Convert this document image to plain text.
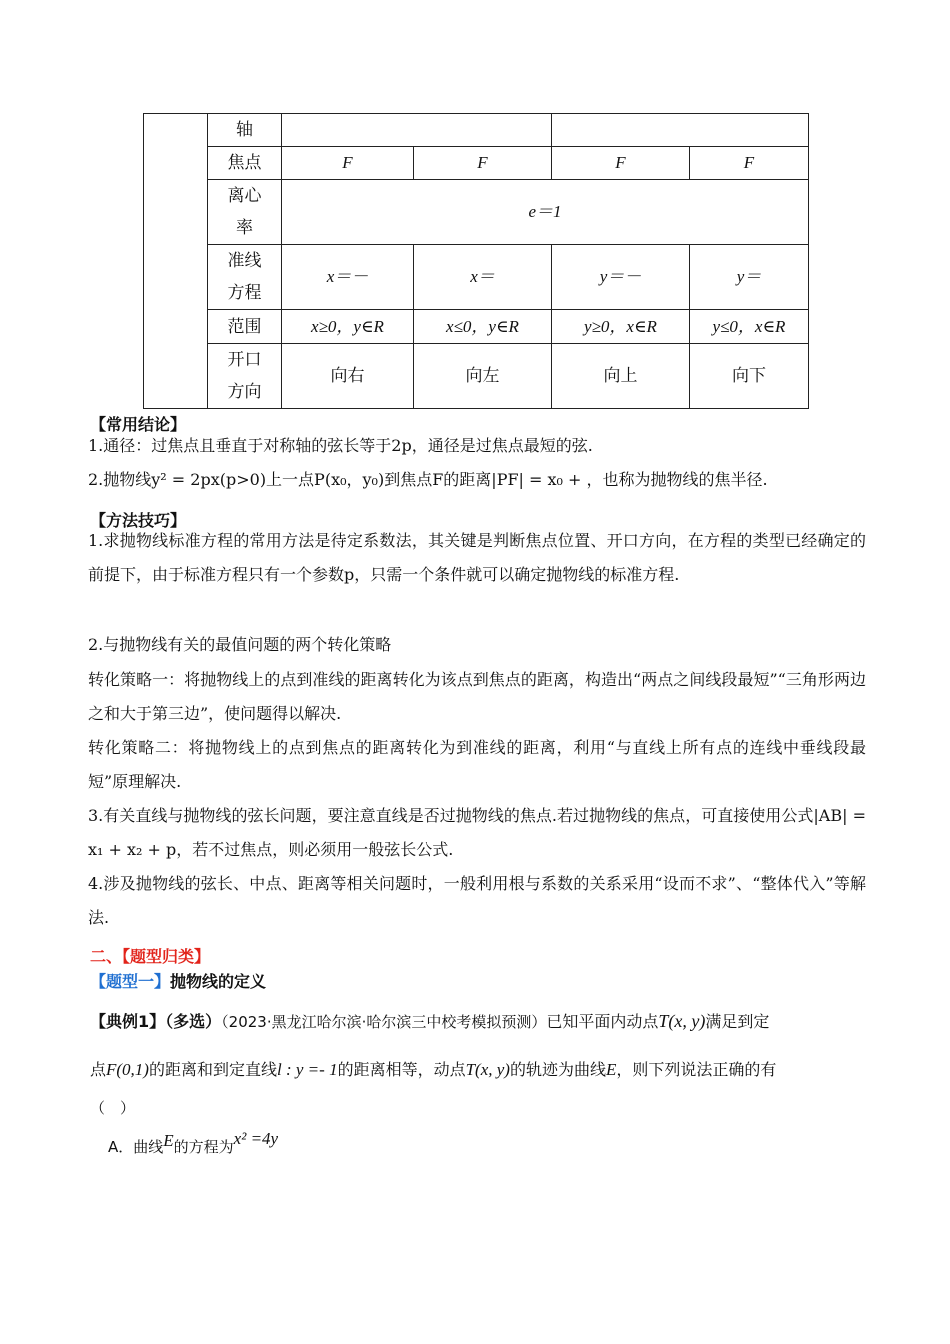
	轴				
	焦点	F	F	F	F

	离心
率	e＝1			

	准线
方程	x＝－	x＝	y＝－	y＝
	范围	x≥0，y∈R	x≤0，y∈R	y≥0，x∈R	y≤0，x∈R

	开口
方向	向右	向左	向上	向下
【常用结论】
1.通径：过焦点且垂直于对称轴的弦长等于2p，通径是过焦点最短的弦.
2.抛物线y² = 2px(p>0)上一点P(x₀，y₀)到焦点F的距离|PF| = x₀ + ，也称为抛物线的焦半径.
【方法技巧】
1.求抛物线标准方程的常用方法是待定系数法，其关键是判断焦点位置、开口方向，在方程的类型已经确定的前提下，由于标准方程只有一个参数p，只需一个条件就可以确定抛物线的标准方程.
2.与抛物线有关的最值问题的两个转化策略
转化策略一：将抛物线上的点到准线的距离转化为该点到焦点的距离，构造出“两点之间线段最短”“三角形两边之和大于第三边”，使问题得以解决.
转化策略二：将抛物线上的点到焦点的距离转化为到准线的距离，利用“与直线上所有点的连线中垂线段最短”原理解决.
3.有关直线与抛物线的弦长问题，要注意直线是否过抛物线的焦点.若过抛物线的焦点，可直接使用公式|AB| = x₁ + x₂ + p，若不过焦点，则必须用一般弦长公式.
4.涉及抛物线的弦长、中点、距离等相关问题时，一般利用根与系数的关系采用“设而不求”、“整体代入”等解法.
二、【题型归类】
【题型一】抛物线的定义
【典例1】（多选）（2023·黑龙江哈尔滨·哈尔滨三中校考模拟预测）已知平面内动点T(x, y)满足到定
点F(0,1)的距离和到定直线l : y =- 1的距离相等，动点T(x, y)的轨迹为曲线E，则下列说法正确的有
（　）
A．曲线E的方程为x² =4y
